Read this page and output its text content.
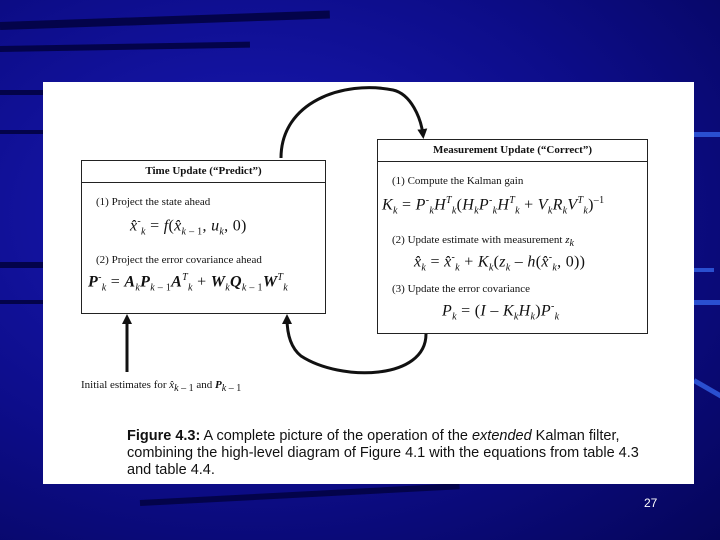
Time Update (“Predict”)
(1) Project the state ahead
$x̂^-_k$ = $f(x̂_{k - 1}$, $u_k$, 0)
(2) Project the error covariance ahead
$P^-_k = A_kP_{k - 1}A^T_k + W_kQ_{k - 1}W^T_k$
Measurement Update (“Correct”)
(1) Compute the Kalman gain
$K_k = P^-_kH^T_k(H_kP^-_kH^T_k + V_kR_kV^T_k)^{-1}$
(2) Update estimate with measurement $z_k$
$x̂_k$ = $x̂^-_k + K_k(z_k$ – $h(x̂^-_k$, 0))
(3) Update the error covariance
$P_k = (I - K_kH_k)P^-_k$
Initial estimates for $x̂_{k - 1}$ and $P_{k - 1}$
Figure 4.3: A complete picture of the operation of the extended Kalman filter, combining the high-level diagram of Figure 4.1 with the equations from table 4.3 and table 4.4.
27
